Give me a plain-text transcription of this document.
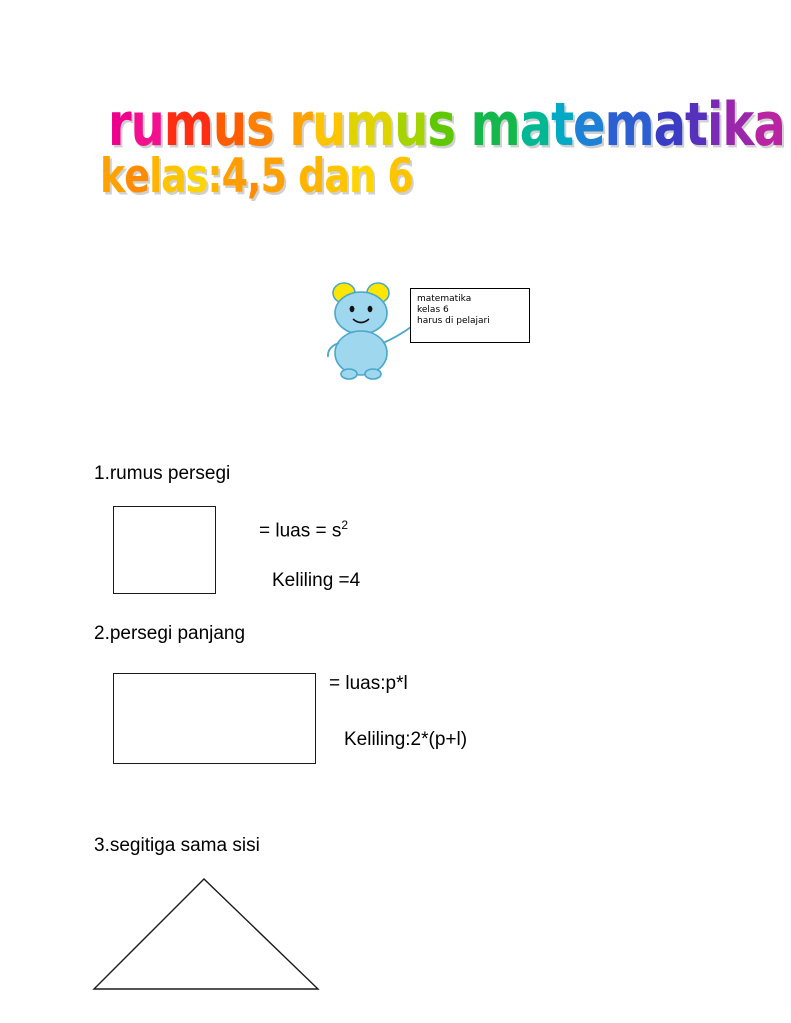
rumus rumus matematika
kelas:4,5 dan 6
matematika
kelas 6
harus di pelajari
1.rumus persegi
= luas = $s^2$
Keliling =4
2.persegi panjang
= luas:p*l
Keliling:2*(p+l)
3.segitiga sama sisi
